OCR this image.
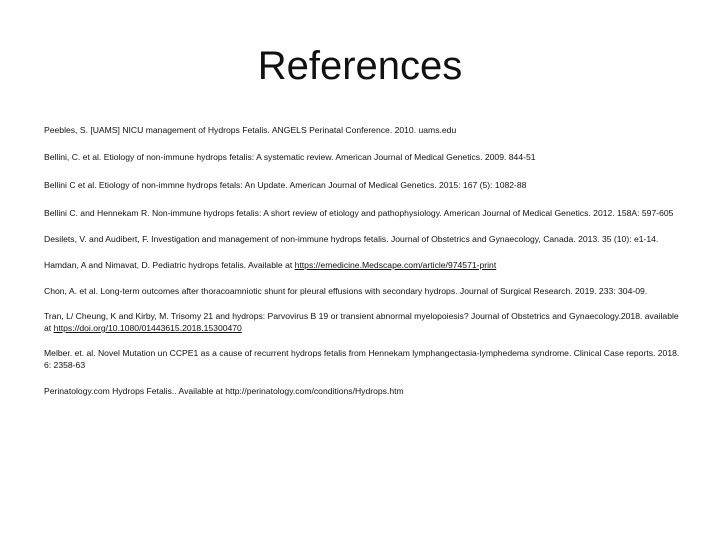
References
Peebles, S. [UAMS] NICU management of Hydrops Fetalis. ANGELS Perinatal Conference. 2010. uams.edu
Bellini, C. et al. Etiology of non-immune hydrops fetalis: A systematic review. American Journal of Medical Genetics. 2009. 844-51
Bellini C et al. Etiology of non-immne hydrops fetals: An Update. American Journal of Medical Genetics. 2015: 167 (5): 1082-88
Bellini C. and Hennekam R. Non-immune hydrops fetalis: A short review of etiology and pathophysiology. American Journal of Medical Genetics. 2012. 158A: 597-605
Desilets, V. and Audibert, F. Investigation and management of non-immune hydrops fetalis. Journal of Obstetrics and Gynaecology, Canada. 2013. 35 (10): e1-14.
Hamdan, A and Nimavat, D. Pediatric hydrops fetalis. Available at https://emedicine.Medscape.com/article/974571-print
Chon, A. et al. Long-term outcomes after thoracoamniotic shunt for pleural effusions with secondary hydrops. Journal of Surgical Research. 2019. 233: 304-09.
Tran, L/ Cheung, K and Kirby, M. Trisomy 21 and hydrops: Parvovirus B 19 or transient abnormal myelopoiesis? Journal of Obstetrics and Gynaecology.2018. available at https://doi.org/10.1080/01443615.2018.15300470
Melber. et. al. Novel Mutation un CCPE1 as a cause of recurrent hydrops fetalis from Hennekam lymphangectasia-lymphedema syndrome. Clinical Case reports. 2018. 6: 2358-63
Perinatology.com Hydrops Fetalis.. Available at http://perinatology.com/conditions/Hydrops.htm
